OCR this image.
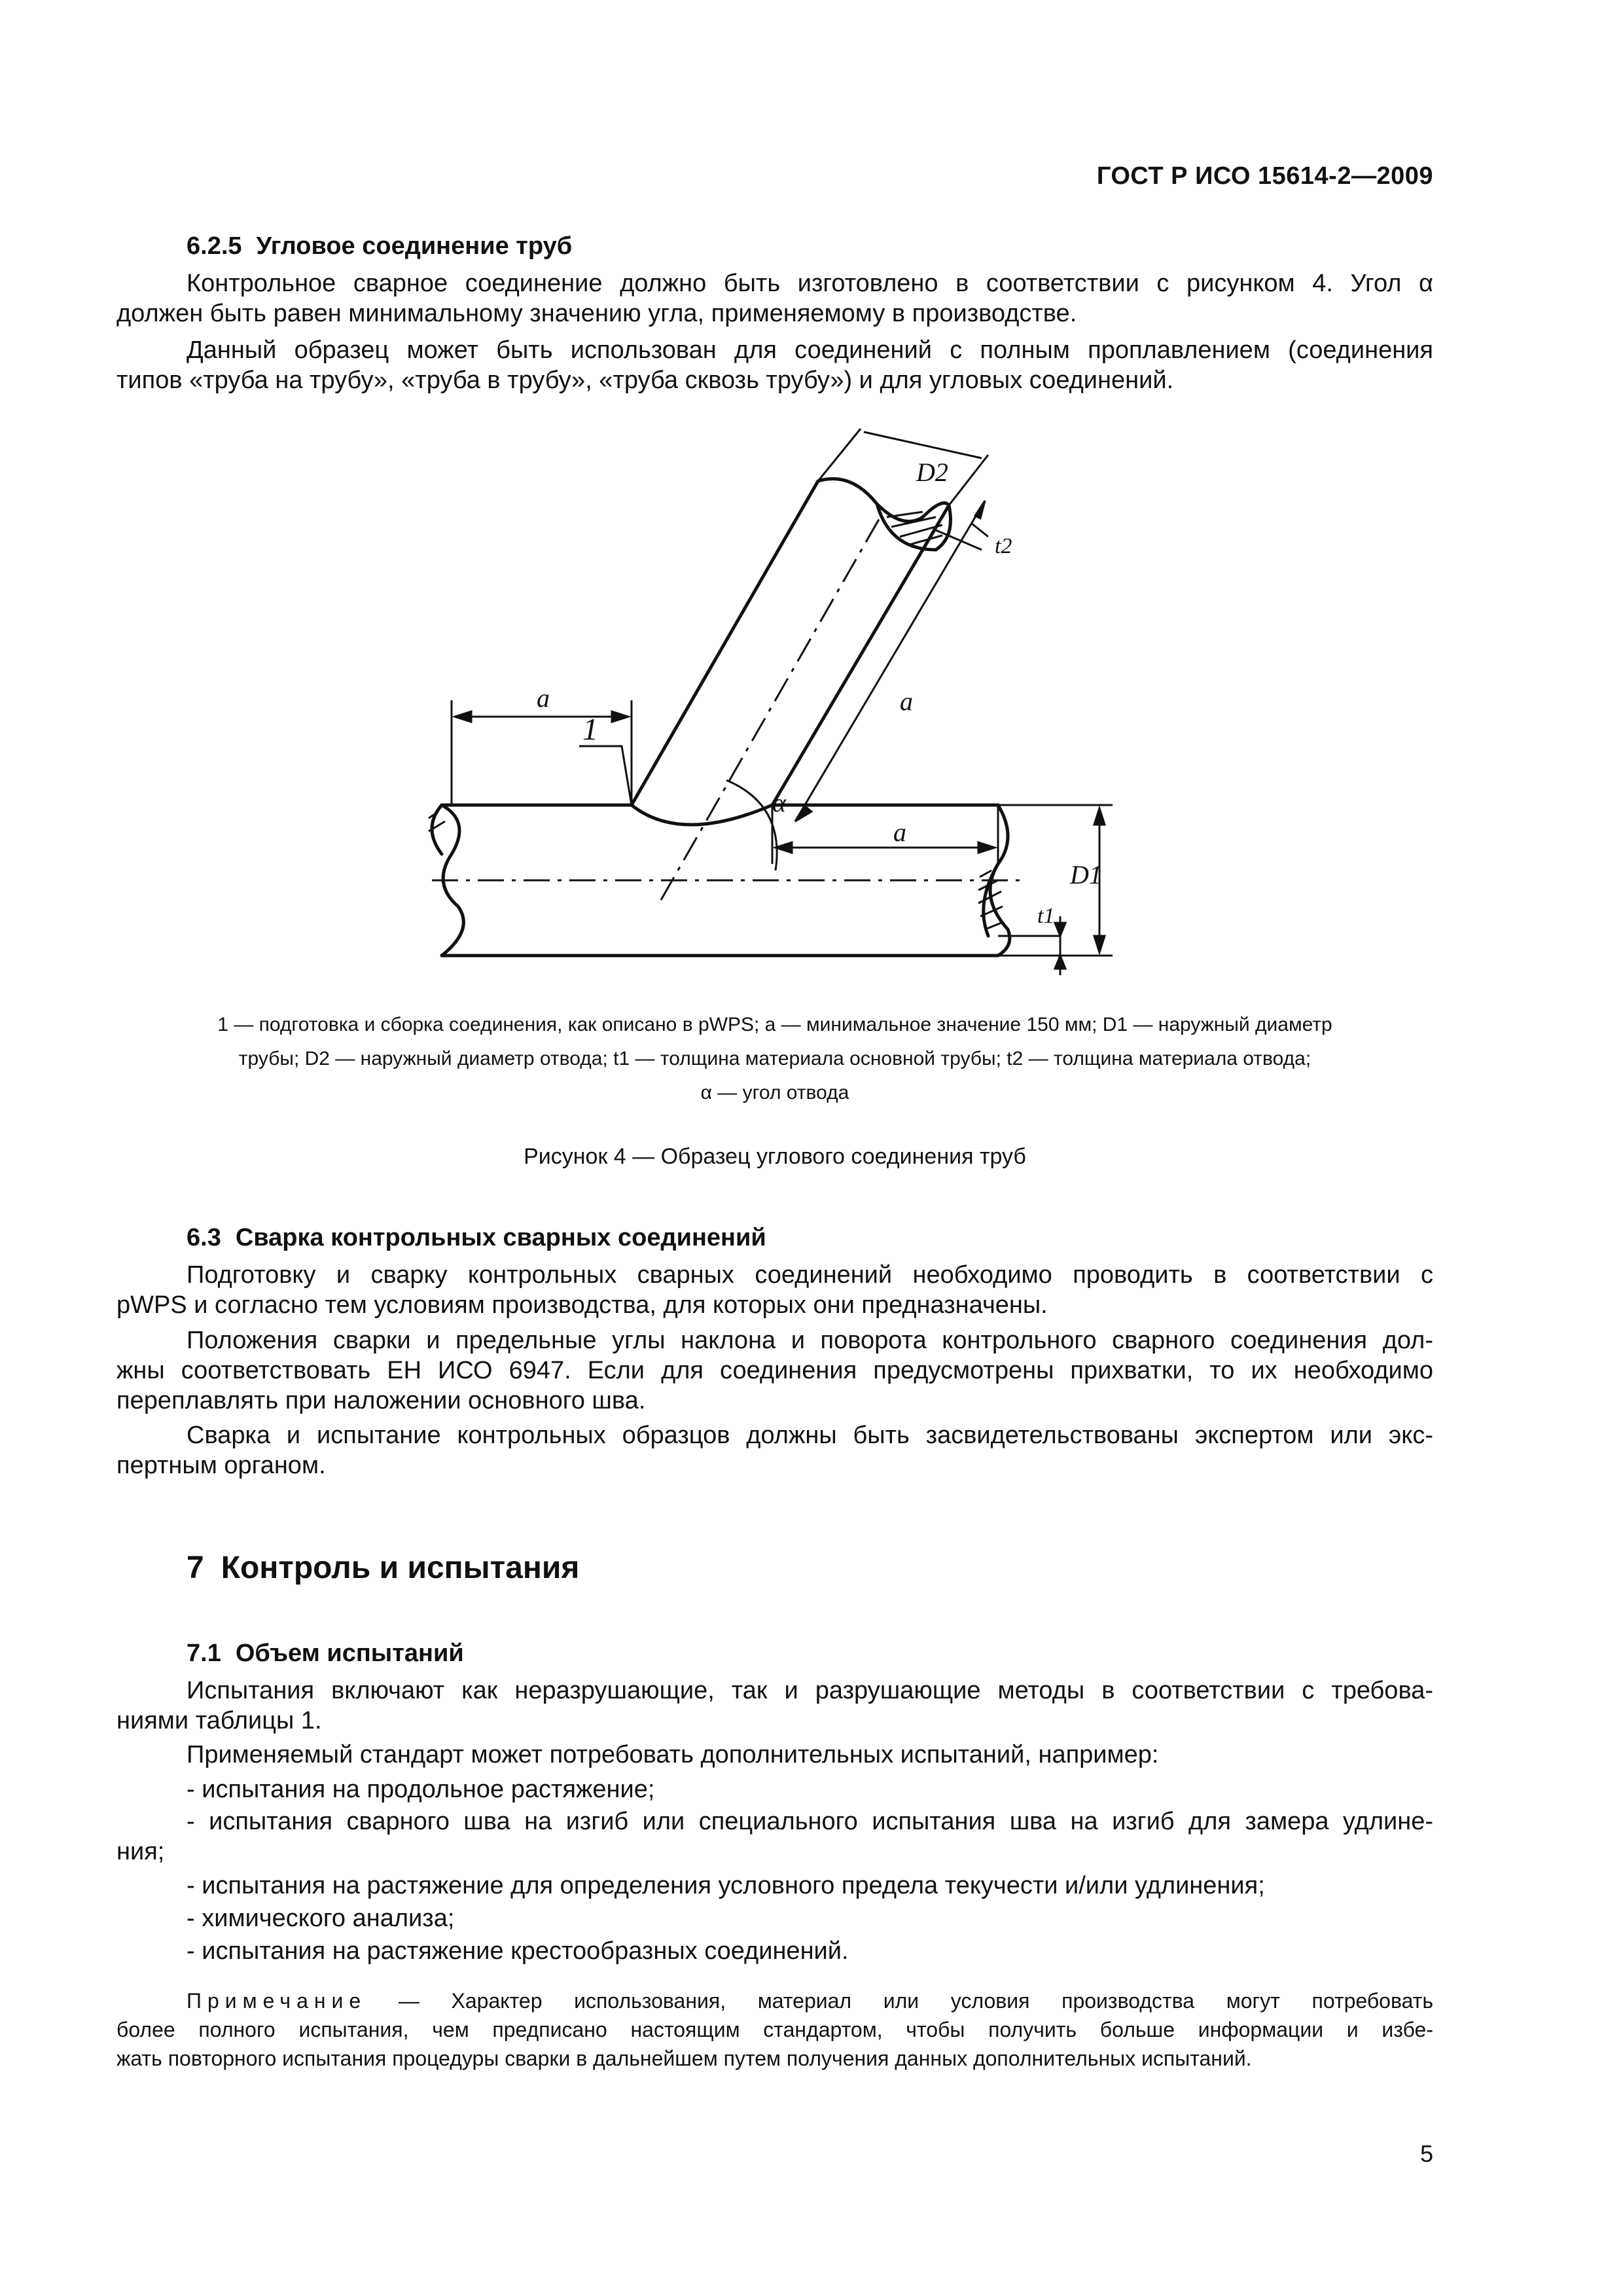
ГОСТ Р ИСО 15614-2—2009
6.2.5 Угловое соединение труб
Контрольное сварное соединение должно быть изготовлено в соответствии с рисунком 4. Угол α
должен быть равен минимальному значению угла, применяемому в производстве.
Данный образец может быть использован для соединений с полным проплавлением (соединения
типов «труба на трубу», «труба в трубу», «труба сквозь трубу») и для угловых соединений.
a
a
a
1
α
D2
D1
t1
t2
1 — подготовка и сборка соединения, как описано в pWPS; a — минимальное значение 150 мм; D1 — наружный диаметр
трубы; D2 — наружный диаметр отвода; t1 — толщина материала основной трубы; t2 — толщина материала отвода;
α — угол отвода
Рисунок 4 — Образец углового соединения труб
6.3 Сварка контрольных сварных соединений
Подготовку и сварку контрольных сварных соединений необходимо проводить в соответствии с
pWPS и согласно тем условиям производства, для которых они предназначены.
Положения сварки и предельные углы наклона и поворота контрольного сварного соединения дол-
жны соответствовать ЕН ИСО 6947. Если для соединения предусмотрены прихватки, то их необходимо
переплавлять при наложении основного шва.
Сварка и испытание контрольных образцов должны быть засвидетельствованы экспертом или экс-
пертным органом.
7 Контроль и испытания
7.1 Объем испытаний
Испытания включают как неразрушающие, так и разрушающие методы в соответствии с требова-
ниями таблицы 1.
Применяемый стандарт может потребовать дополнительных испытаний, например:
- испытания на продольное растяжение;
- испытания сварного шва на изгиб или специального испытания шва на изгиб для замера удлине-
ния;
- испытания на растяжение для определения условного предела текучести и/или удлинения;
- химического анализа;
- испытания на растяжение крестообразных соединений.
Примечание — Характер использования, материал или условия производства могут потребовать
более полного испытания, чем предписано настоящим стандартом, чтобы получить больше информации и избе-
жать повторного испытания процедуры сварки в дальнейшем путем получения данных дополнительных испытаний.
5
